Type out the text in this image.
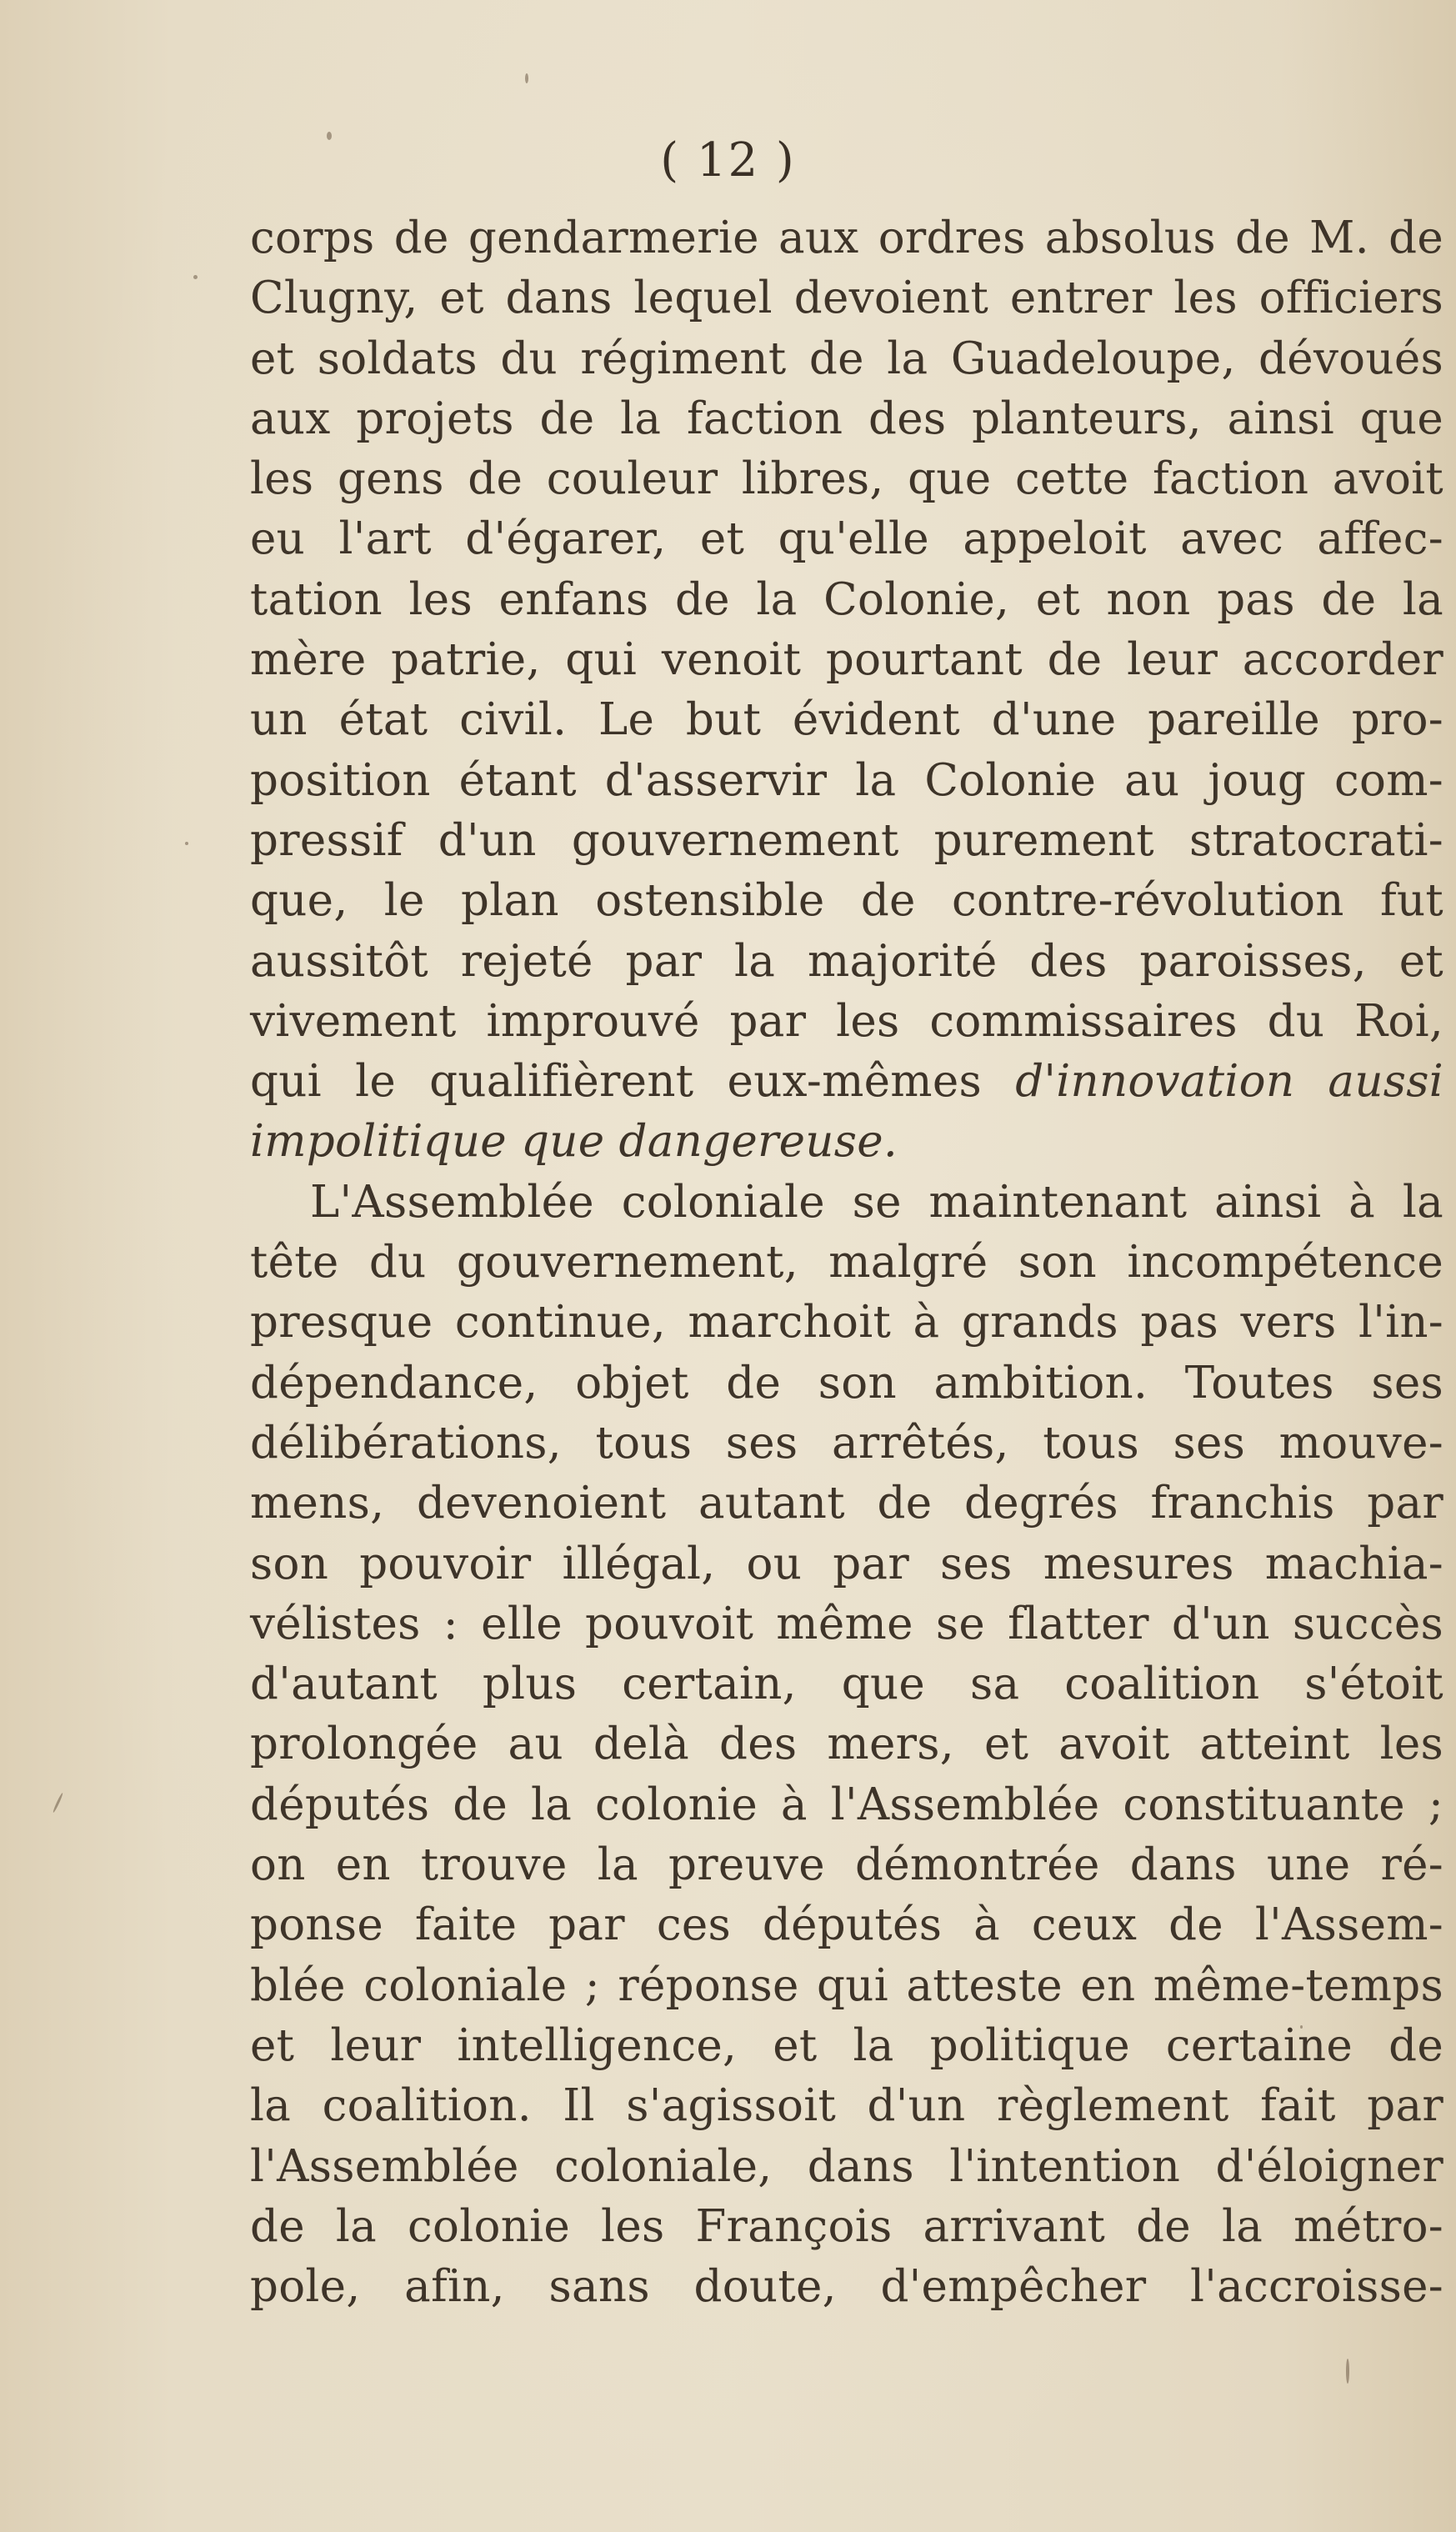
( 12 )
corps de gendarmerie aux ordres absolus de M. de
Clugny, et dans lequel devoient entrer les officiers
et soldats du régiment de la Guadeloupe, dévoués
aux projets de la faction des planteurs, ainsi que
les gens de couleur libres, que cette faction avoit
eu l'art d'égarer, et qu'elle appeloit avec affec-
tation les enfans de la Colonie, et non pas de la
mère patrie, qui venoit pourtant de leur accorder
un état civil. Le but évident d'une pareille pro-
position étant d'asservir la Colonie au joug com-
pressif d'un gouvernement purement stratocrati-
que, le plan ostensible de contre-révolution fut
aussitôt rejeté par la majorité des paroisses, et
vivement improuvé par les commissaires du Roi,
qui le qualifièrent eux-mêmes d'innovation aussi
impolitique que dangereuse.
L'Assemblée coloniale se maintenant ainsi à la
tête du gouvernement, malgré son incompétence
presque continue, marchoit à grands pas vers l'in-
dépendance, objet de son ambition. Toutes ses
délibérations, tous ses arrêtés, tous ses mouve-
mens, devenoient autant de degrés franchis par
son pouvoir illégal, ou par ses mesures machia-
vélistes : elle pouvoit même se flatter d'un succès
d'autant plus certain, que sa coalition s'étoit
prolongée au delà des mers, et avoit atteint les
députés de la colonie à l'Assemblée constituante ;
on en trouve la preuve démontrée dans une ré-
ponse faite par ces députés à ceux de l'Assem-
blée coloniale ; réponse qui atteste en même-temps
et leur intelligence, et la politique certaine de
la coalition. Il s'agissoit d'un règlement fait par
l'Assemblée coloniale, dans l'intention d'éloigner
de la colonie les François arrivant de la métro-
pole, afin, sans doute, d'empêcher l'accroisse-
